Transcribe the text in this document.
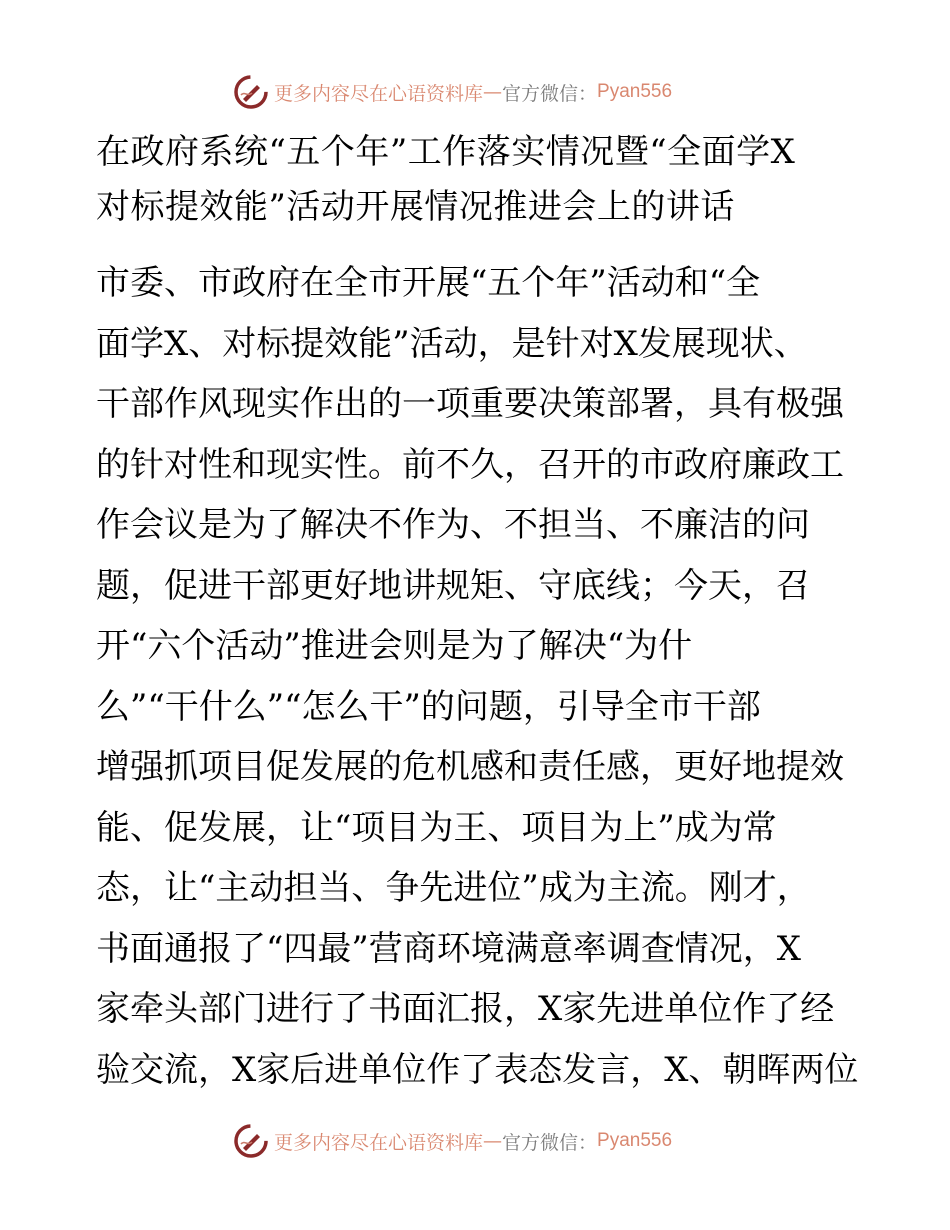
更多内容尽在心语资料库 — 官方微信： Pyan556
在政府系统“五个年”工作落实情况暨“全面学X
对标提效能”活动开展情况推进会上的讲话
市委、市政府在全市开展“五个年”活动和“全
面学X、对标提效能”活动，是针对X发展现状、
干部作风现实作出的一项重要决策部署，具有极强
的针对性和现实性。前不久，召开的市政府廉政工
作会议是为了解决不作为、不担当、不廉洁的问
题，促进干部更好地讲规矩、守底线；今天，召
开“六个活动”推进会则是为了解决“为什
么”“干什么”“怎么干”的问题，引导全市干部
增强抓项目促发展的危机感和责任感，更好地提效
能、促发展，让“项目为王、项目为上”成为常
态，让“主动担当、争先进位”成为主流。刚才，
书面通报了“四最”营商环境满意率调查情况，X
家牵头部门进行了书面汇报，X家先进单位作了经
验交流，X家后进单位作了表态发言，X、朝晖两位
更多内容尽在心语资料库 — 官方微信： Pyan556
